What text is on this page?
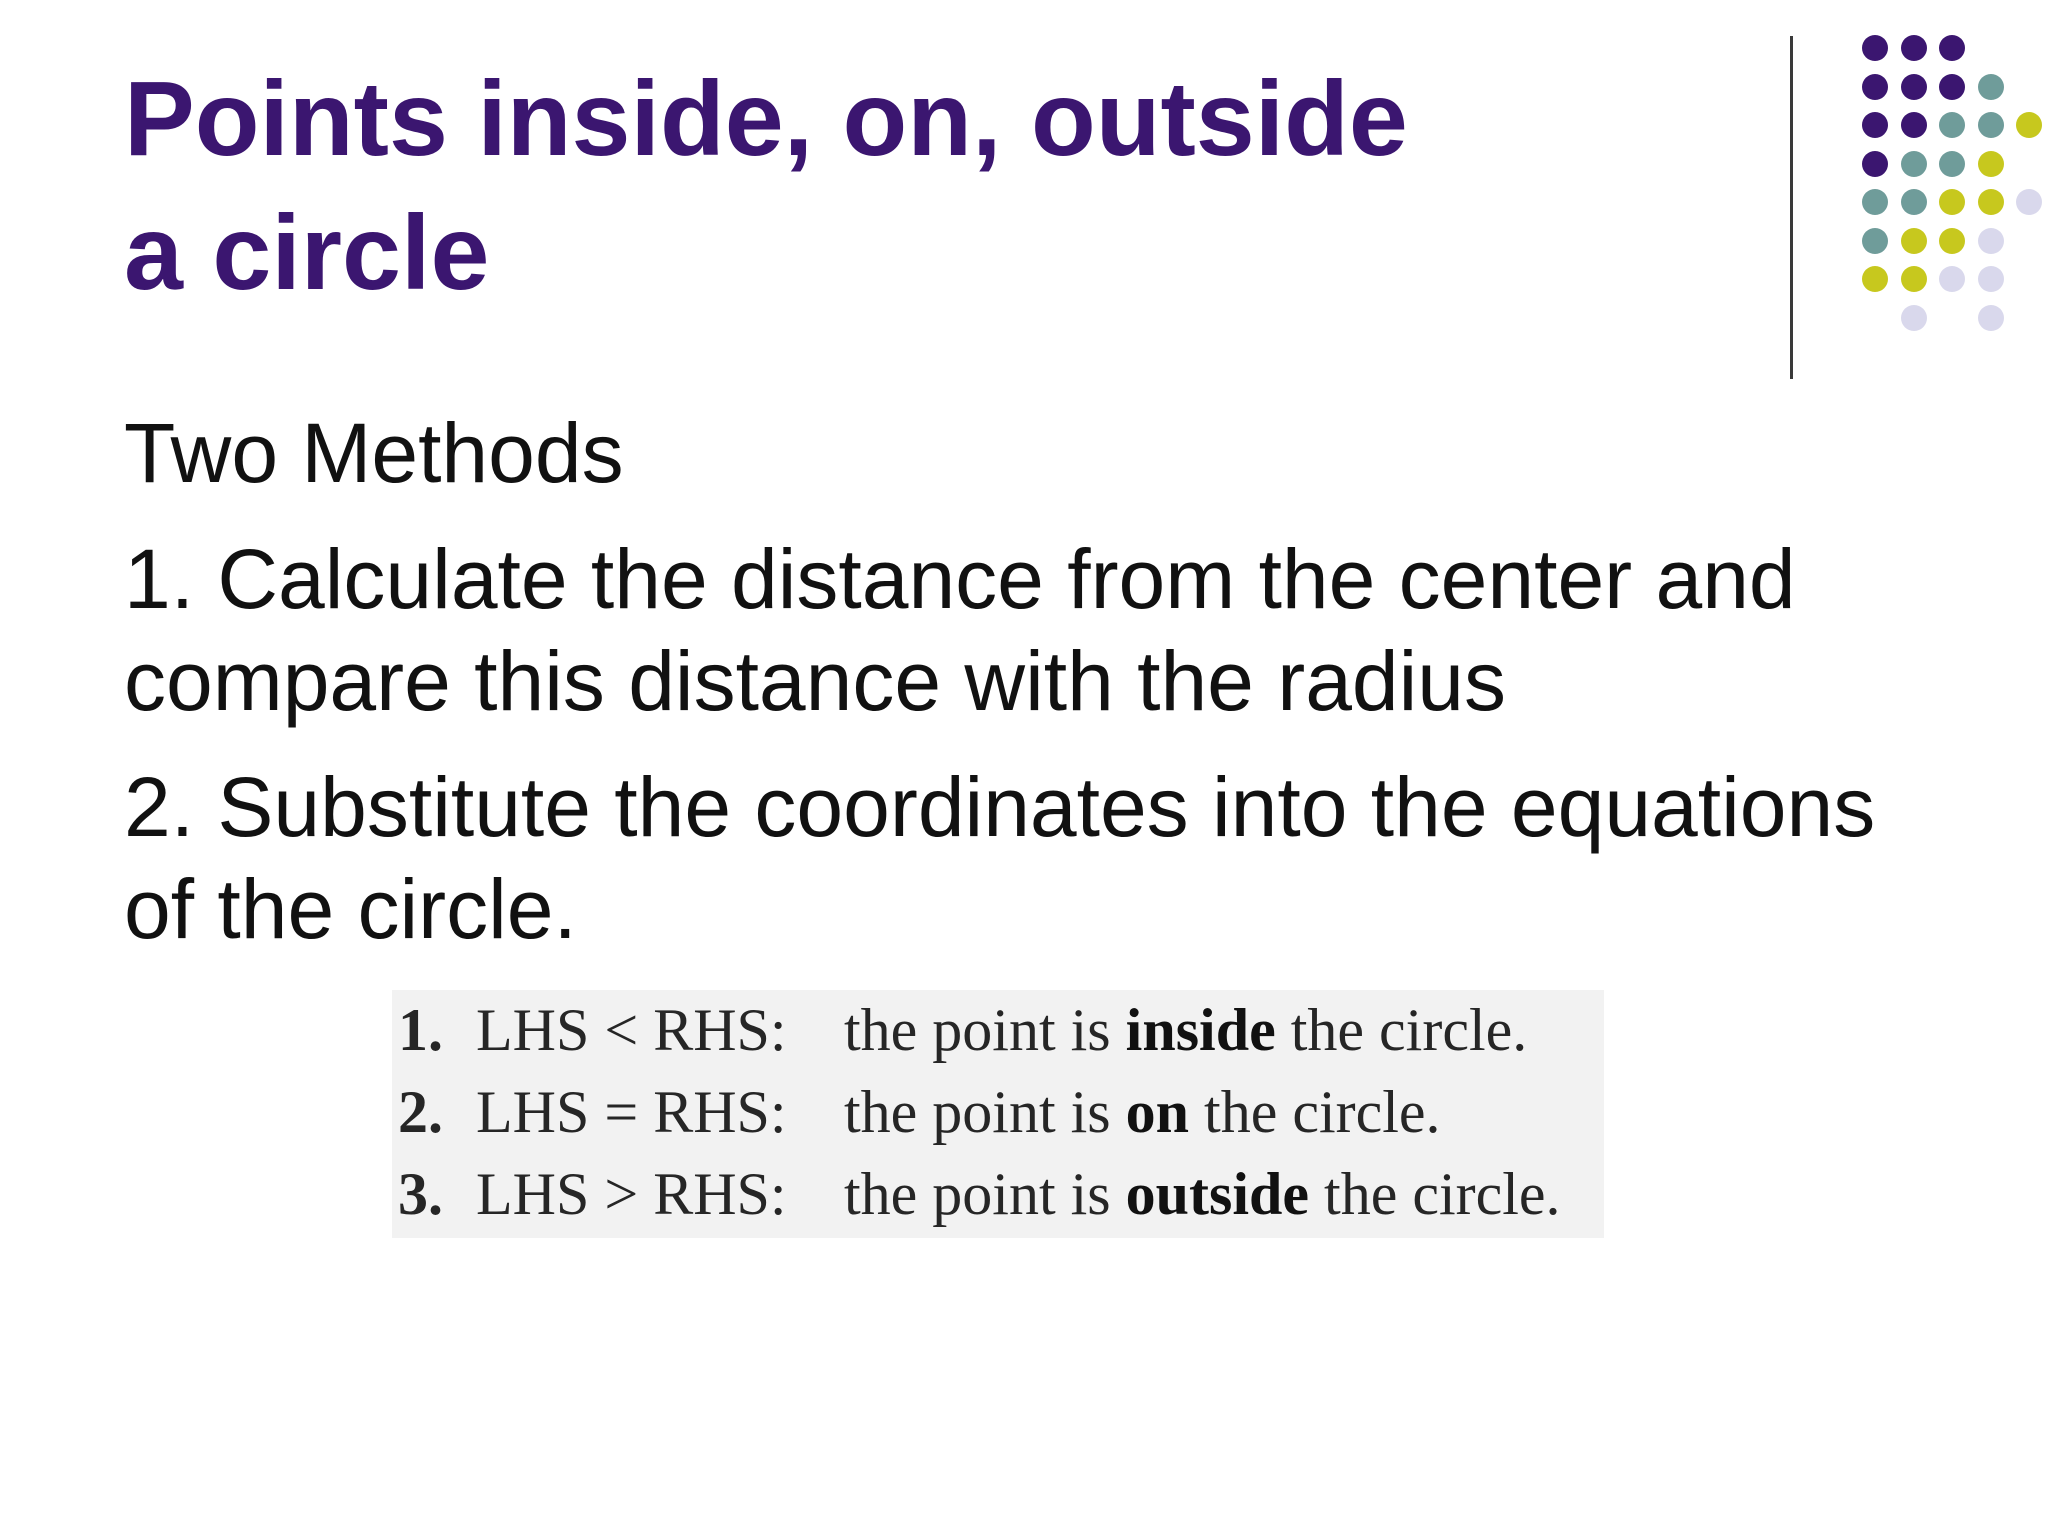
Points inside, on, outside
a circle

Two Methods

1. Calculate the distance from the center and

compare this distance with the radius

2. Substitute the coordinates into the equations

of the circle.

1. LHS < RHS: the point is inside the circle.
2. LHS = RHS: the point is on the circle.
3. LHS > RHS: the point is outside the circle.
